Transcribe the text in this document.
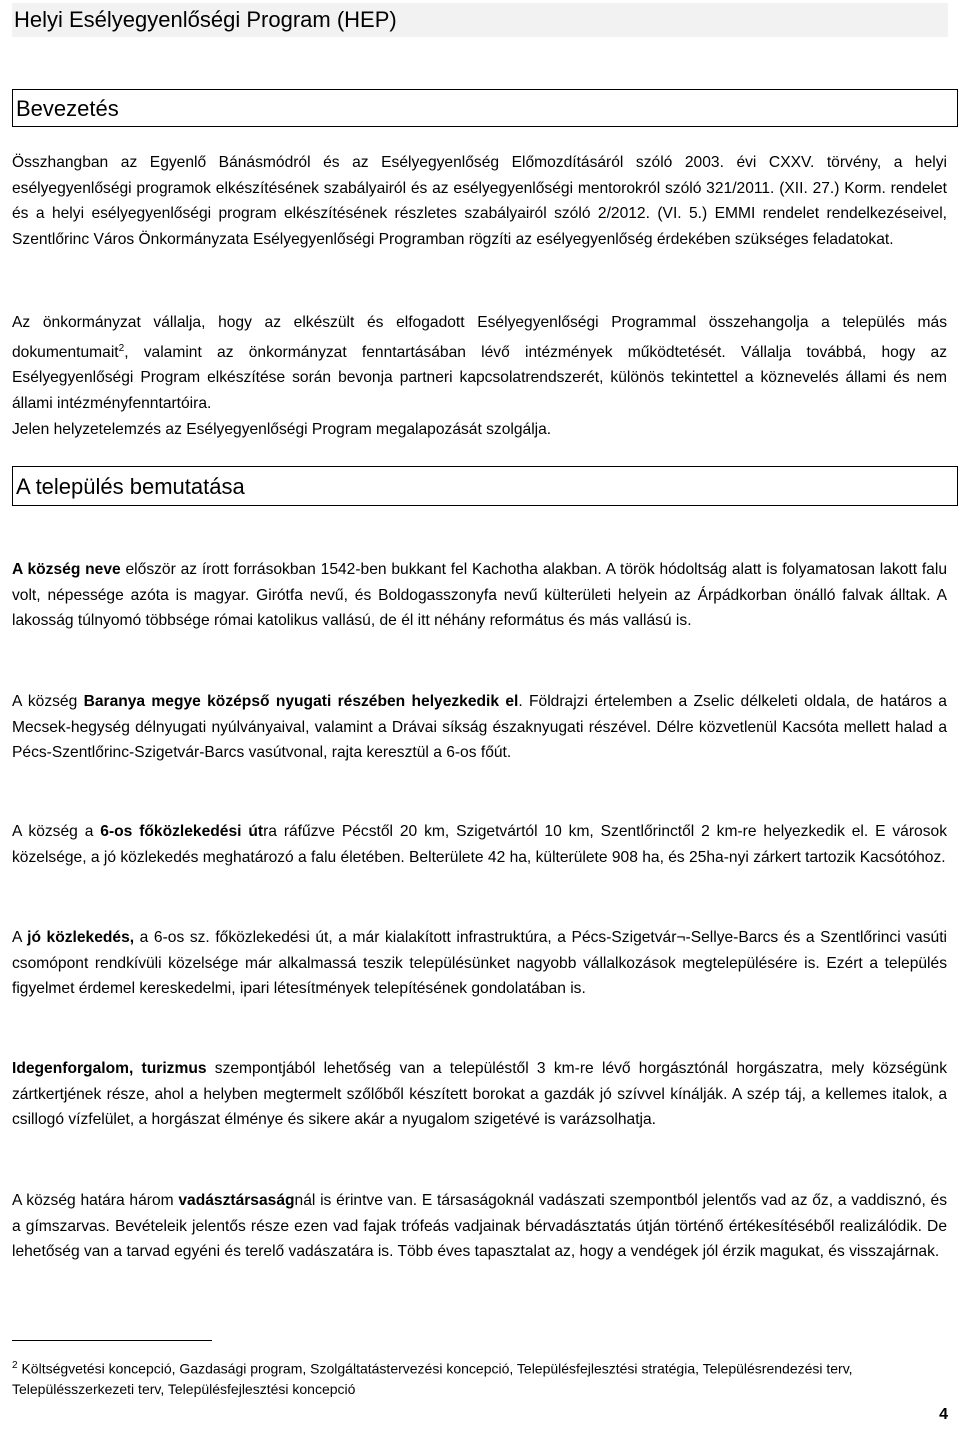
Helyi Esélyegyenlőségi Program (HEP)
Bevezetés
Összhangban az Egyenlő Bánásmódról és az Esélyegyenlőség Előmozdításáról szóló 2003. évi CXXV. törvény, a helyi esélyegyenlőségi programok elkészítésének szabályairól és az esélyegyenlőségi mentorokról szóló 321/2011. (XII. 27.) Korm. rendelet és a helyi esélyegyenlőségi program elkészítésének részletes szabályairól szóló 2/2012. (VI. 5.) EMMI rendelet rendelkezéseivel, Szentlőrinc Város Önkormányzata Esélyegyenlőségi Programban rögzíti az esélyegyenlőség érdekében szükséges feladatokat.
Az önkormányzat vállalja, hogy az elkészült és elfogadott Esélyegyenlőségi Programmal összehangolja a település más dokumentumait$^2$, valamint az önkormányzat fenntartásában lévő intézmények működtetését. Vállalja továbbá, hogy az Esélyegyenlőségi Program elkészítése során bevonja partneri kapcsolatrendszerét, különös tekintettel a köznevelés állami és nem állami intézményfenntartóira.
Jelen helyzetelemzés az Esélyegyenlőségi Program megalapozását szolgálja.
A település bemutatása
A község neve először az írott forrásokban 1542-ben bukkant fel Kachotha alakban. A török hódoltság alatt is folyamatosan lakott falu volt, népessége azóta is magyar. Girótfa nevű, és Boldogasszonyfa nevű külterületi helyein az Árpádkorban önálló falvak álltak. A lakosság túlnyomó többsége római katolikus vallású, de él itt néhány református és más vallású is.
A község Baranya megye középső nyugati részében helyezkedik el. Földrajzi értelemben a Zselic délkeleti oldala, de határos a Mecsek-hegység délnyugati nyúlványaival, valamint a Drávai síkság északnyugati részével. Délre közvetlenül Kacsóta mellett halad a Pécs-Szentlőrinc-Szigetvár-Barcs vasútvonal, rajta keresztül a 6-os főút.
A község a 6-os főközlekedési útra ráfűzve Pécstől 20 km, Szigetvártól 10 km, Szentlőrinctől 2 km-re helyezkedik el. E városok közelsége, a jó közlekedés meghatározó a falu életében. Belterülete 42 ha, külterülete 908 ha, és 25ha-nyi zárkert tartozik Kacsótóhoz.
A jó közlekedés, a 6-os sz. főközlekedési út, a már kialakított infrastruktúra, a Pécs-Szigetvár¬-Sellye-Barcs és a Szentlőrinci vasúti csomópont rendkívüli közelsége már alkalmassá teszik településünket nagyobb vállalkozások megtelepülésére is. Ezért a település figyelmet érdemel kereskedelmi, ipari létesítmények telepítésének gondolatában is.
Idegenforgalom, turizmus szempontjából lehetőség van a településtől 3 km-re lévő horgásztónál horgászatra, mely községünk zártkertjének része, ahol a helyben megtermelt szőlőből készített borokat a gazdák jó szívvel kínálják. A szép táj, a kellemes italok, a csillogó vízfelület, a horgászat élménye és sikere akár a nyugalom szigetévé is varázsolhatja.
A község határa három vadásztársaságnál is érintve van. E társaságoknál vadászati szempontból jelentős vad az őz, a vaddisznó, és a gímszarvas. Bevételeik jelentős része ezen vad fajak trófeás vadjainak bérvadásztatás útján történő értékesítéséből realizálódik. De lehetőség van a tarvad egyéni és terelő vadászatára is. Több éves tapasztalat az, hogy a vendégek jól érzik magukat, és visszajárnak.
$^2$ Költségvetési koncepció, Gazdasági program, Szolgáltatástervezési koncepció, Településfejlesztési stratégia, Településrendezési terv, Településszerkezeti terv, Településfejlesztési koncepció
4
